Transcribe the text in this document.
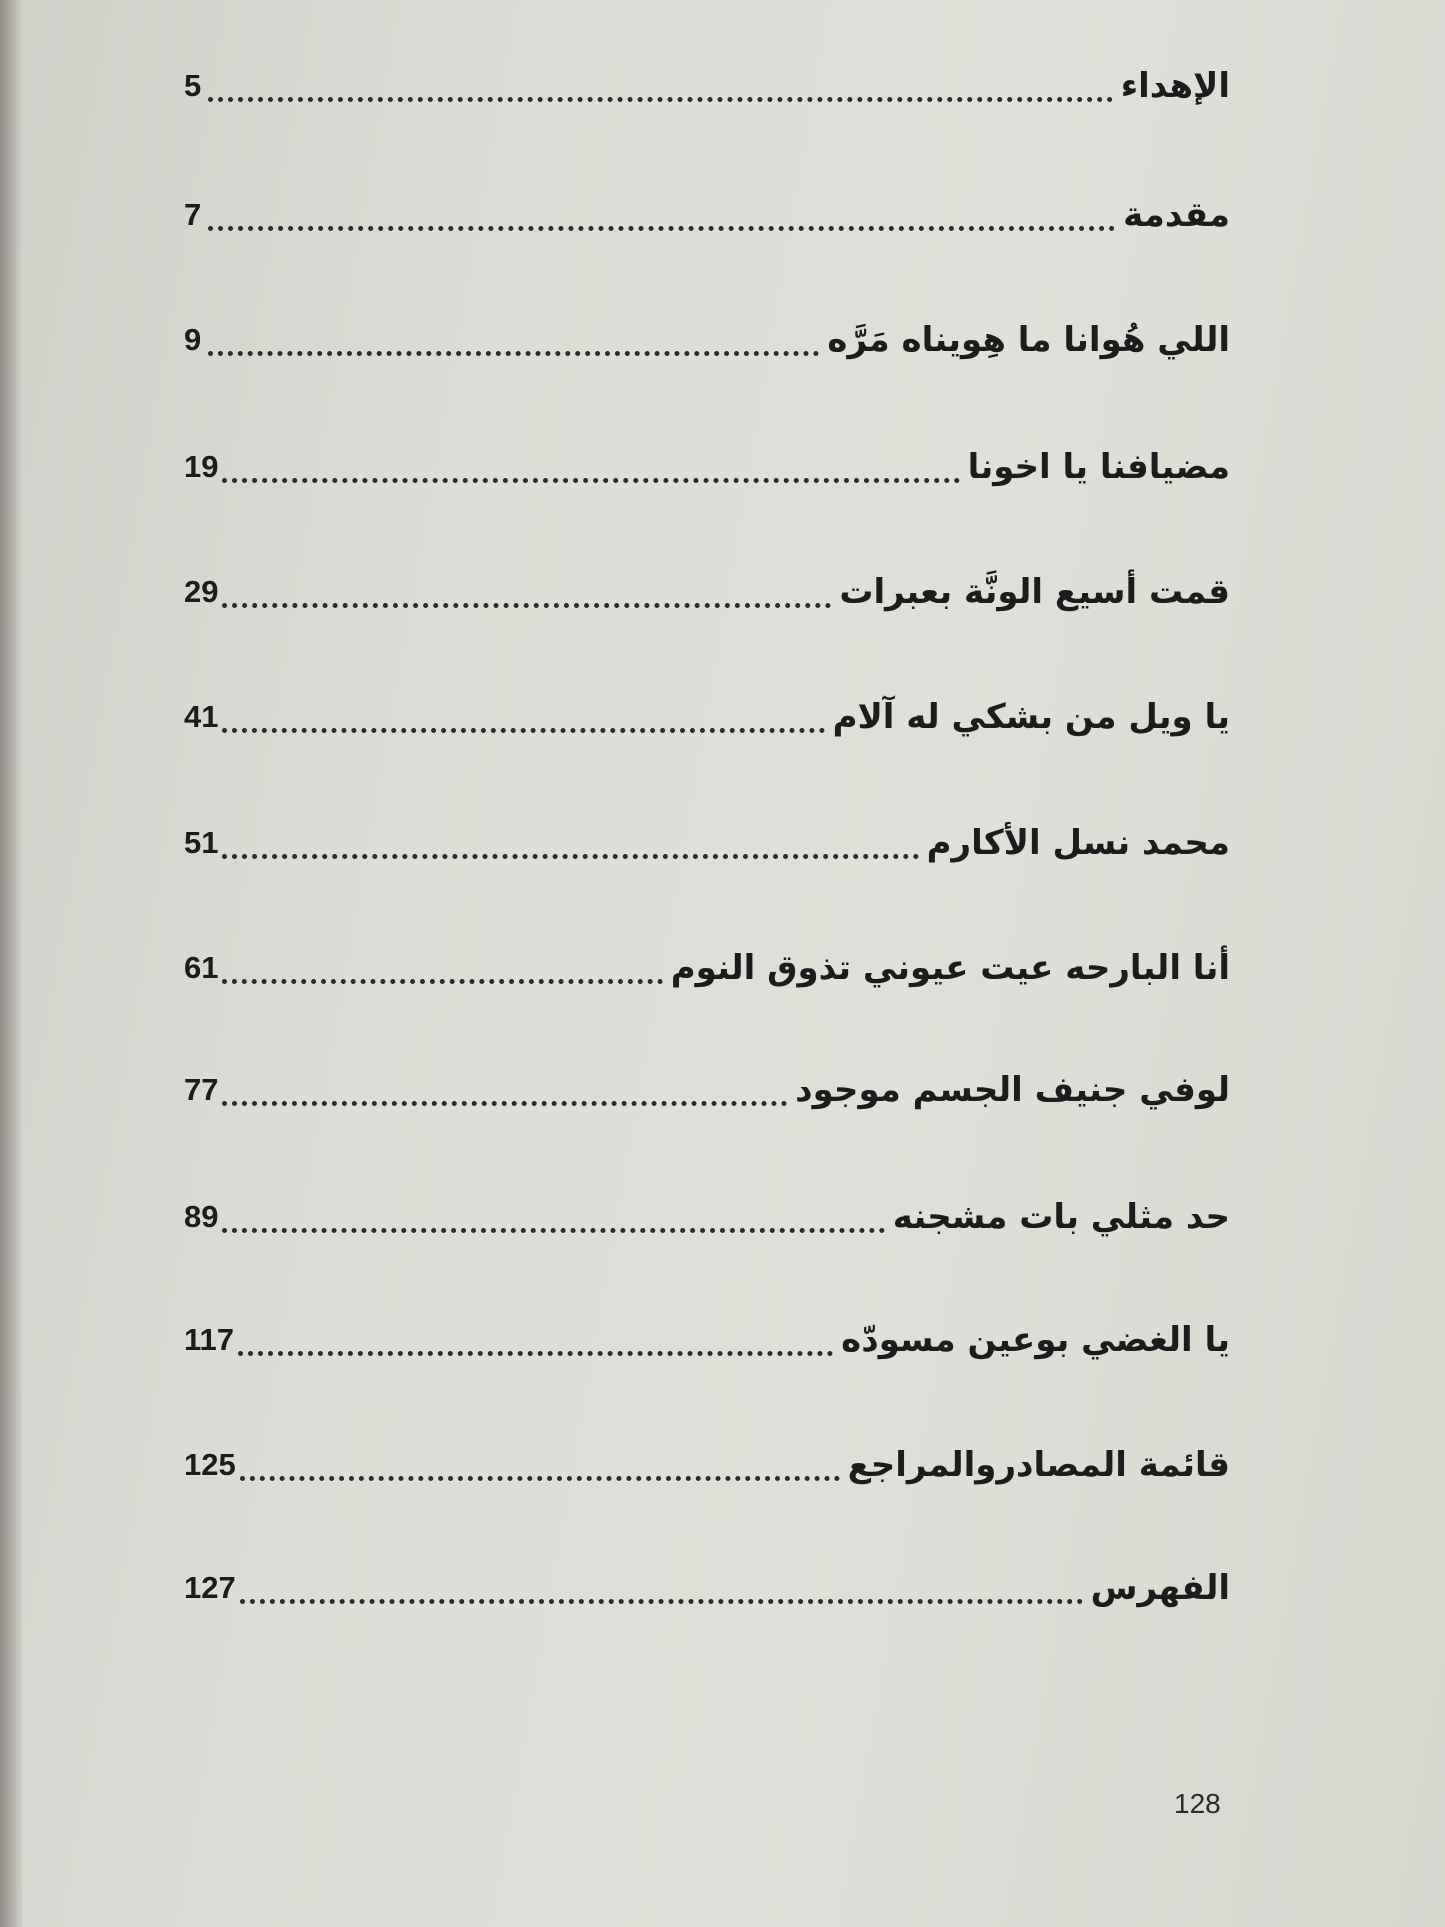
الإهداء
5
مقدمة
7
اللي هُوانا ما هِويناه مَرَّه
9
مضيافنا يا اخونا
19
قمت أسيع الونَّة بعبرات
29
يا ويل من بشكي له آلام
41
محمد نسل الأكارم
51
أنا البارحه عيت عيوني تذوق النوم
61
لوفي جنيف الجسم موجود
77
حد مثلي بات مشجنه
89
يا الغضي بوعين مسودّه
117
قائمة المصادروالمراجع
125
الفهرس
127
128
